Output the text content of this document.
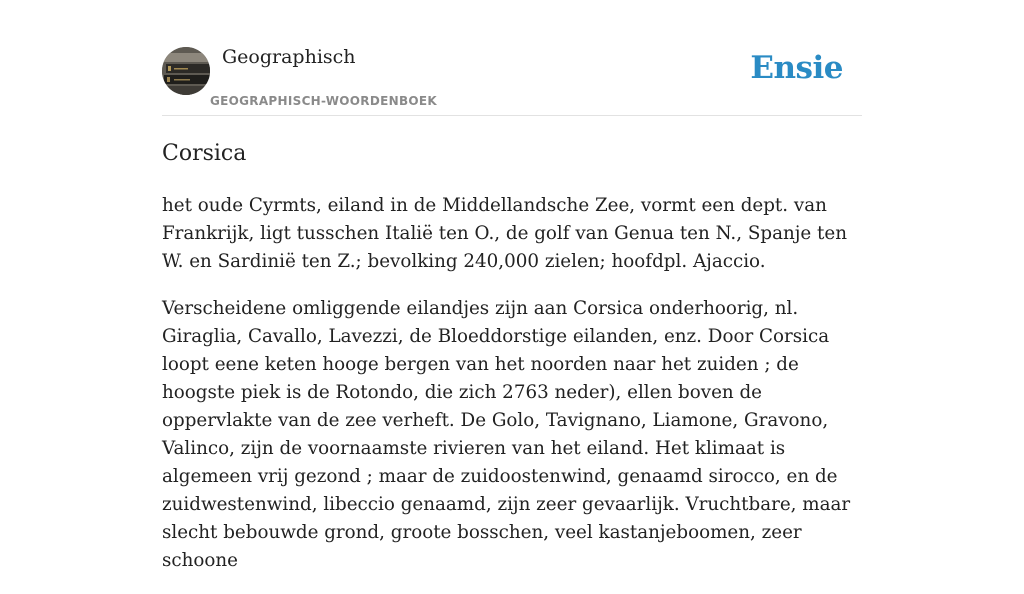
Geographisch
GEOGRAPHISCH-WOORDENBOEK
Ensie
Corsica

het oude Cyrmts, eiland in de Middellandsche Zee, vormt een dept. van Frankrijk, ligt tusschen Italië ten O., de golf van Genua ten N., Spanje ten W. en Sardinië ten Z.; bevolking 240,000 zielen; hoofdpl. Ajaccio.

Verscheidene omliggende eilandjes zijn aan Corsica onderhoorig, nl. Giraglia, Cavallo, Lavezzi, de Bloeddorstige eilanden, enz. Door Corsica loopt eene keten hooge bergen van het noorden naar het zuiden ; de hoogste piek is de Rotondo, die zich 2763 neder), ellen boven de oppervlakte van de zee verheft. De Golo, Tavignano, Liamone, Gravono, Valinco, zijn de voornaamste rivieren van het eiland. Het klimaat is algemeen vrij gezond ; maar de zuidoostenwind, genaamd sirocco, en de zuidwestenwind, libeccio genaamd, zijn zeer gevaarlijk. Vruchtbare, maar slecht bebouwde grond, groote bosschen, veel kastanjeboomen, zeer schoone
